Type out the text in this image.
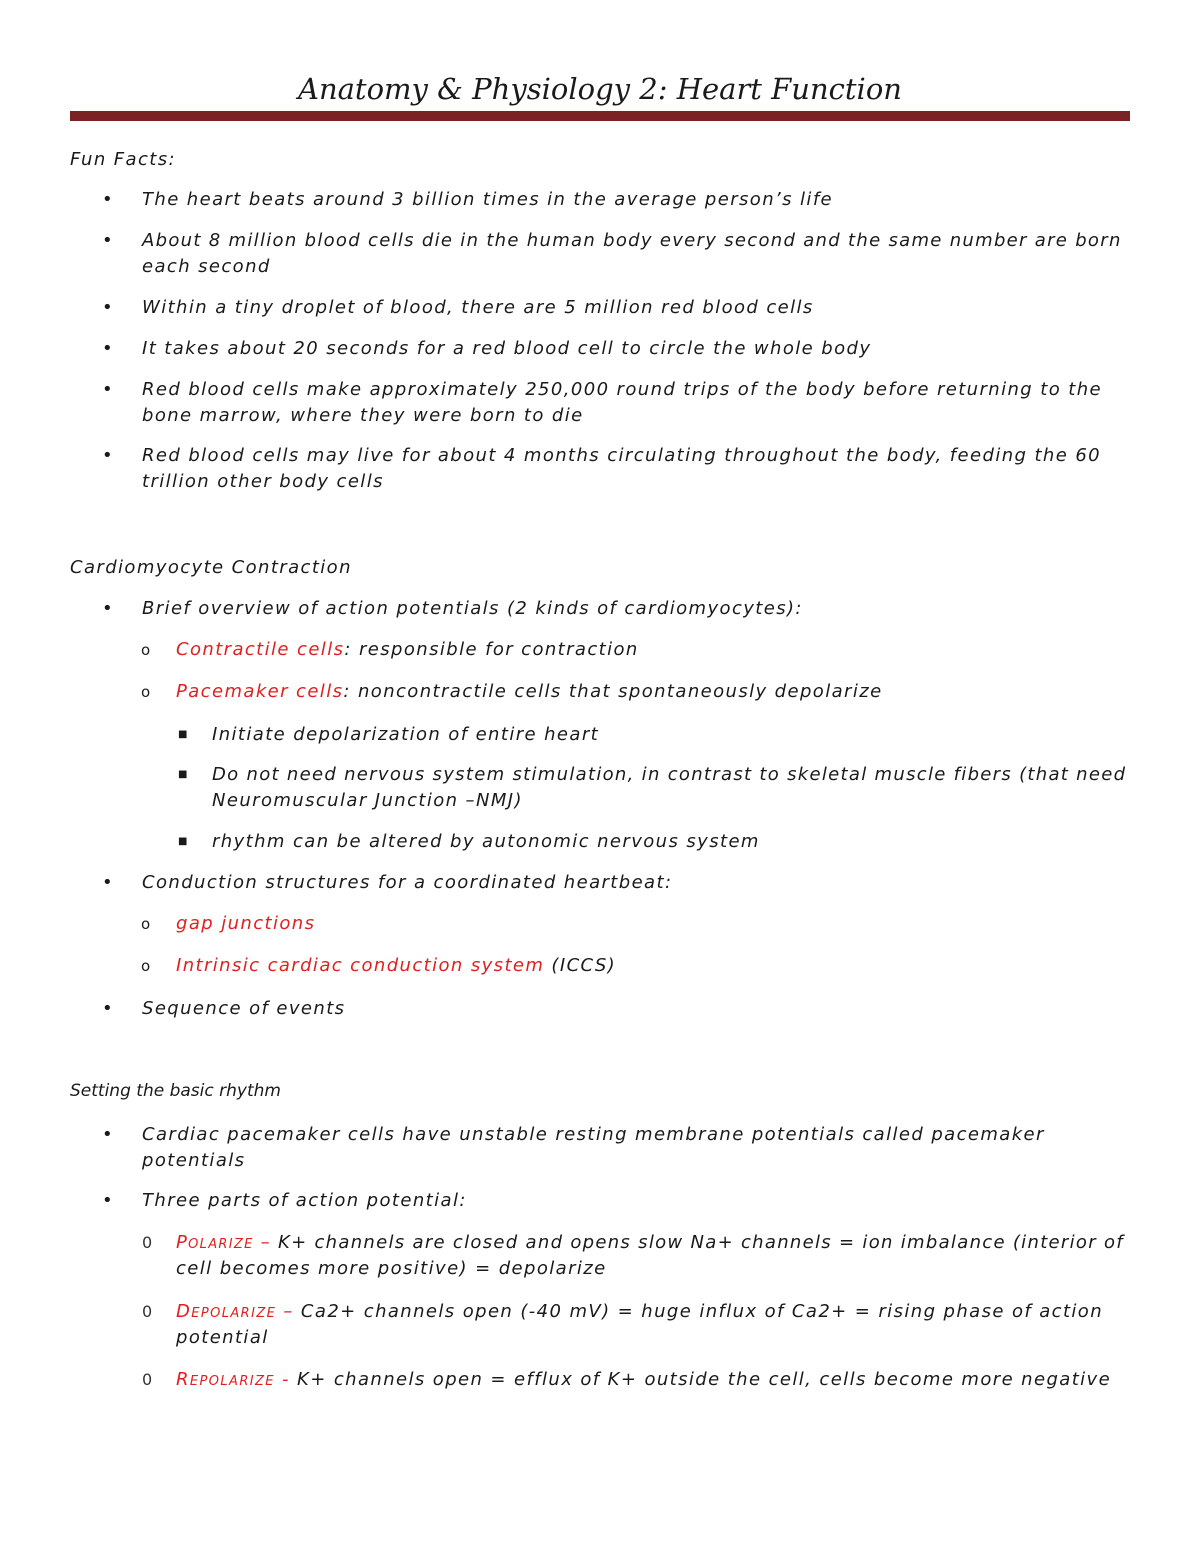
Anatomy & Physiology 2: Heart Function
Fun Facts:
• The heart beats around 3 billion times in the average person’s life
• About 8 million blood cells die in the human body every second and the same number are born
each second
• Within a tiny droplet of blood, there are 5 million red blood cells
• It takes about 20 seconds for a red blood cell to circle the whole body
• Red blood cells make approximately 250,000 round trips of the body before returning to the
bone marrow, where they were born to die
• Red blood cells may live for about 4 months circulating throughout the body, feeding the 60
trillion other body cells
Cardiomyocyte Contraction
• Brief overview of action potentials (2 kinds of cardiomyocytes):
o Contractile cells: responsible for contraction
o Pacemaker cells: noncontractile cells that spontaneously depolarize
■ Initiate depolarization of entire heart
■ Do not need nervous system stimulation, in contrast to skeletal muscle fibers (that need
Neuromuscular Junction –NMJ)
■ rhythm can be altered by autonomic nervous system
• Conduction structures for a coordinated heartbeat:
o gap junctions
o Intrinsic cardiac conduction system (ICCS)
• Sequence of events
Setting the basic rhythm
• Cardiac pacemaker cells have unstable resting membrane potentials called pacemaker
potentials
• Three parts of action potential:
0 Polarize – K+ channels are closed and opens slow Na+ channels = ion imbalance (interior of
cell becomes more positive) = depolarize
0 Depolarize – Ca2+ channels open (-40 mV) = huge influx of Ca2+ = rising phase of action
potential
0 Repolarize - K+ channels open = efflux of K+ outside the cell, cells become more negative
